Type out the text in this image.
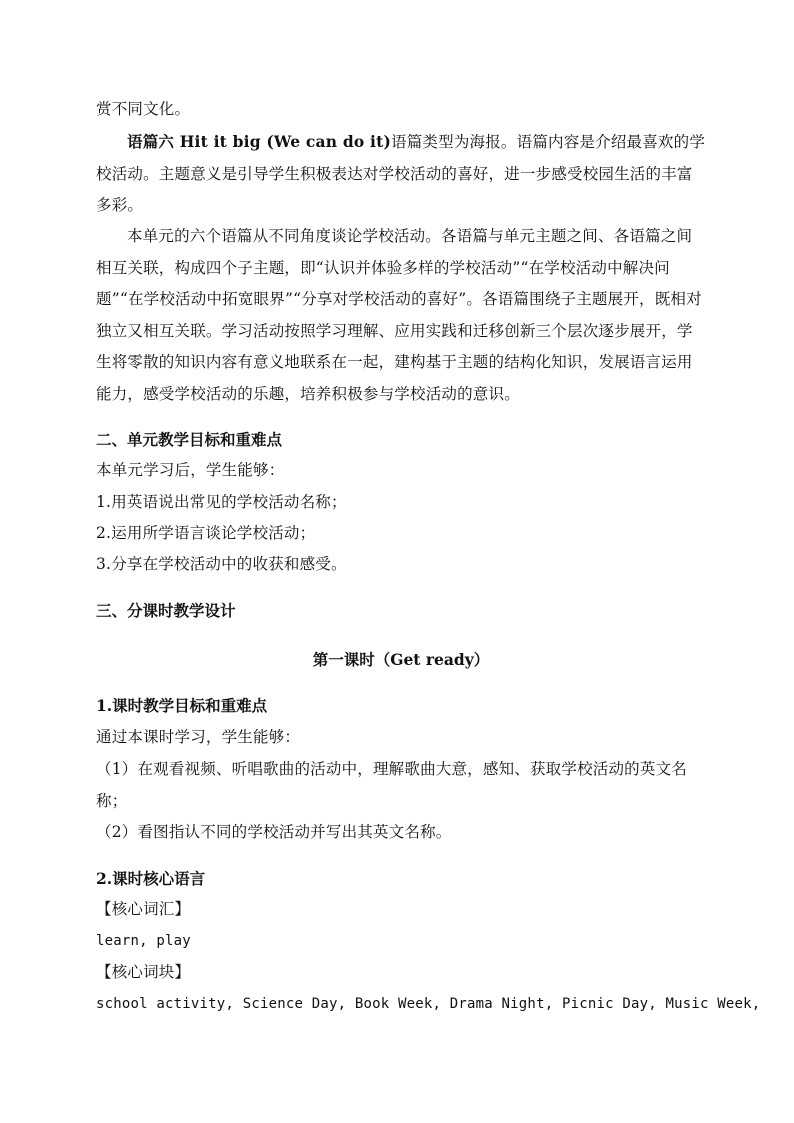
赏不同文化。

语篇六 Hit it big (We can do it)语篇类型为海报。语篇内容是介绍最喜欢的学校活动。主题意义是引导学生积极表达对学校活动的喜好，进一步感受校园生活的丰富多彩。

本单元的六个语篇从不同角度谈论学校活动。各语篇与单元主题之间、各语篇之间相互关联，构成四个子主题，即“认识并体验多样的学校活动”“在学校活动中解决问题”“在学校活动中拓宽眼界”“分享对学校活动的喜好”。各语篇围绕子主题展开，既相对独立又相互关联。学习活动按照学习理解、应用实践和迁移创新三个层次逐步展开，学生将零散的知识内容有意义地联系在一起，建构基于主题的结构化知识，发展语言运用能力，感受学校活动的乐趣，培养积极参与学校活动的意识。

二、单元教学目标和重难点
本单元学习后，学生能够：
1.用英语说出常见的学校活动名称；
2.运用所学语言谈论学校活动；
3.分享在学校活动中的收获和感受。
三、分课时教学设计
第一课时（Get ready）
1.课时教学目标和重难点
通过本课时学习，学生能够：
（1）在观看视频、听唱歌曲的活动中，理解歌曲大意，感知、获取学校活动的英文名称；
（2）看图指认不同的学校活动并写出其英文名称。
2.课时核心语言
【核心词汇】
learn, play
【核心词块】
school activity, Science Day, Book Week, Drama Night, Picnic Day, Music Week,
